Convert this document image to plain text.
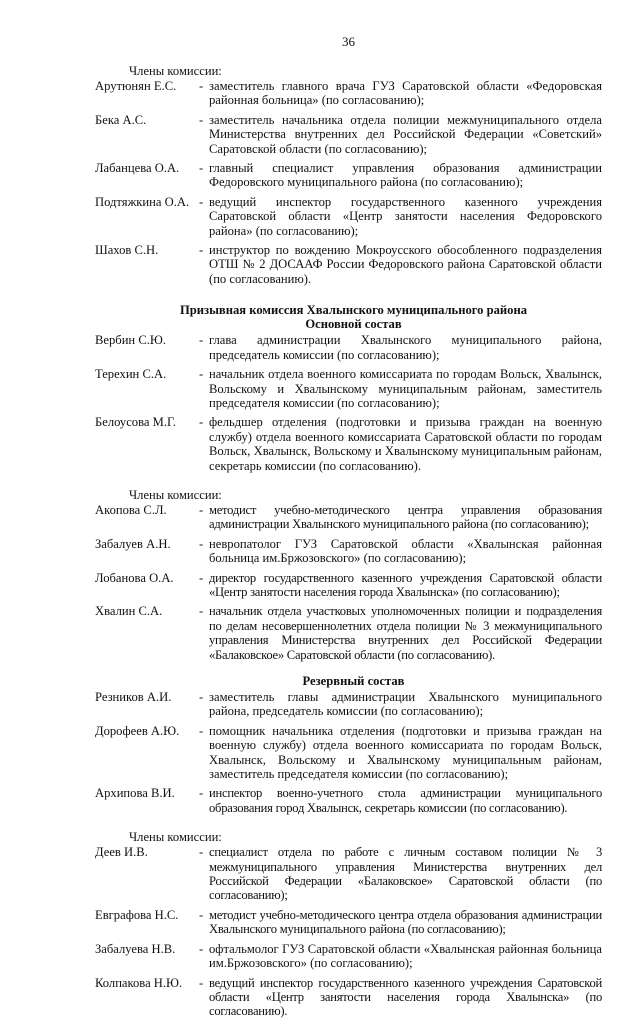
36
Члены комиссии:
Арутюнян Е.С.	- заместитель главного врача ГУЗ Саратовской области «Федоровская районная больница» (по согласованию);
Бека А.С.	- заместитель начальника отдела полиции межмуниципального отдела Министерства внутренних дел Российской Федерации «Советский» Саратовской области (по согласованию);
Лабанцева О.А.	- главный специалист управления образования администрации Федоровского муниципального района (по согласованию);
Подтяжкина О.А. - ведущий инспектор государственного казенного учреждения Саратовской области «Центр занятости населения Федоровского района» (по согласованию);
Шахов С.Н.	- инструктор по вождению Мокроусского обособленного подразделения ОТШ № 2 ДОСААФ России Федоровского района Саратовской области (по согласованию).
Призывная комиссия Хвалынского муниципального района
Основной состав
Вербин С.Ю.	- глава администрации Хвалынского муниципального района, председатель комиссии (по согласованию);
Терехин С.А.	- начальник отдела военного комиссариата по городам Вольск, Хвалынск, Вольскому и Хвалынскому муниципальным районам, заместитель председателя комиссии (по согласованию);
Белоусова М.Г.	- фельдшер отделения (подготовки и призыва граждан на военную службу) отдела военного комиссариата Саратовской области по городам Вольск, Хвалынск, Вольскому и Хвалынскому муниципальным районам, секретарь комиссии (по согласованию).
Члены комиссии:
Акопова С.Л.	- методист учебно-методического центра управления образования администрации Хвалынского муниципального района (по согласованию);
Забалуев А.Н.	- невропатолог ГУЗ Саратовской области «Хвалынская районная больница им.Бржозовского» (по согласованию);
Лобанова О.А.	- директор государственного казенного учреждения Саратовской области «Центр занятости населения города Хвалынска» (по согласованию);
Хвалин С.А.	- начальник отдела участковых уполномоченных полиции и подразделения по делам несовершеннолетних отдела полиции № 3 межмуниципального управления Министерства внутренних дел Российской Федерации «Балаковское» Саратовской области (по согласованию).
Резервный состав
Резников А.И.	- заместитель главы администрации Хвалынского муниципального района, председатель комиссии (по согласованию);
Дорофеев А.Ю.	- помощник начальника отделения (подготовки и призыва граждан на военную службу) отдела военного комиссариата по городам Вольск, Хвалынск, Вольскому и Хвалынскому муниципальным районам, заместитель председателя комиссии (по согласованию);
Архипова В.И.	- инспектор военно-учетного стола администрации муниципального образования город Хвалынск, секретарь комиссии (по согласованию).
Члены комиссии:
Деев И.В.	- специалист отдела по работе с личным составом полиции № 3 межмуниципального управления Министерства внутренних дел Российской Федерации «Балаковское» Саратовской области (по согласованию);
Евграфова Н.С.	- методист учебно-методического центра отдела образования администрации Хвалынского муниципального района (по согласованию);
Забалуева Н.В.	- офтальмолог ГУЗ Саратовской области «Хвалынская районная больница им.Бржозовского» (по согласованию);
Колпакова Н.Ю.	- ведущий инспектор государственного казенного учреждения Саратовской области «Центр занятости населения города Хвалынска» (по согласованию).
